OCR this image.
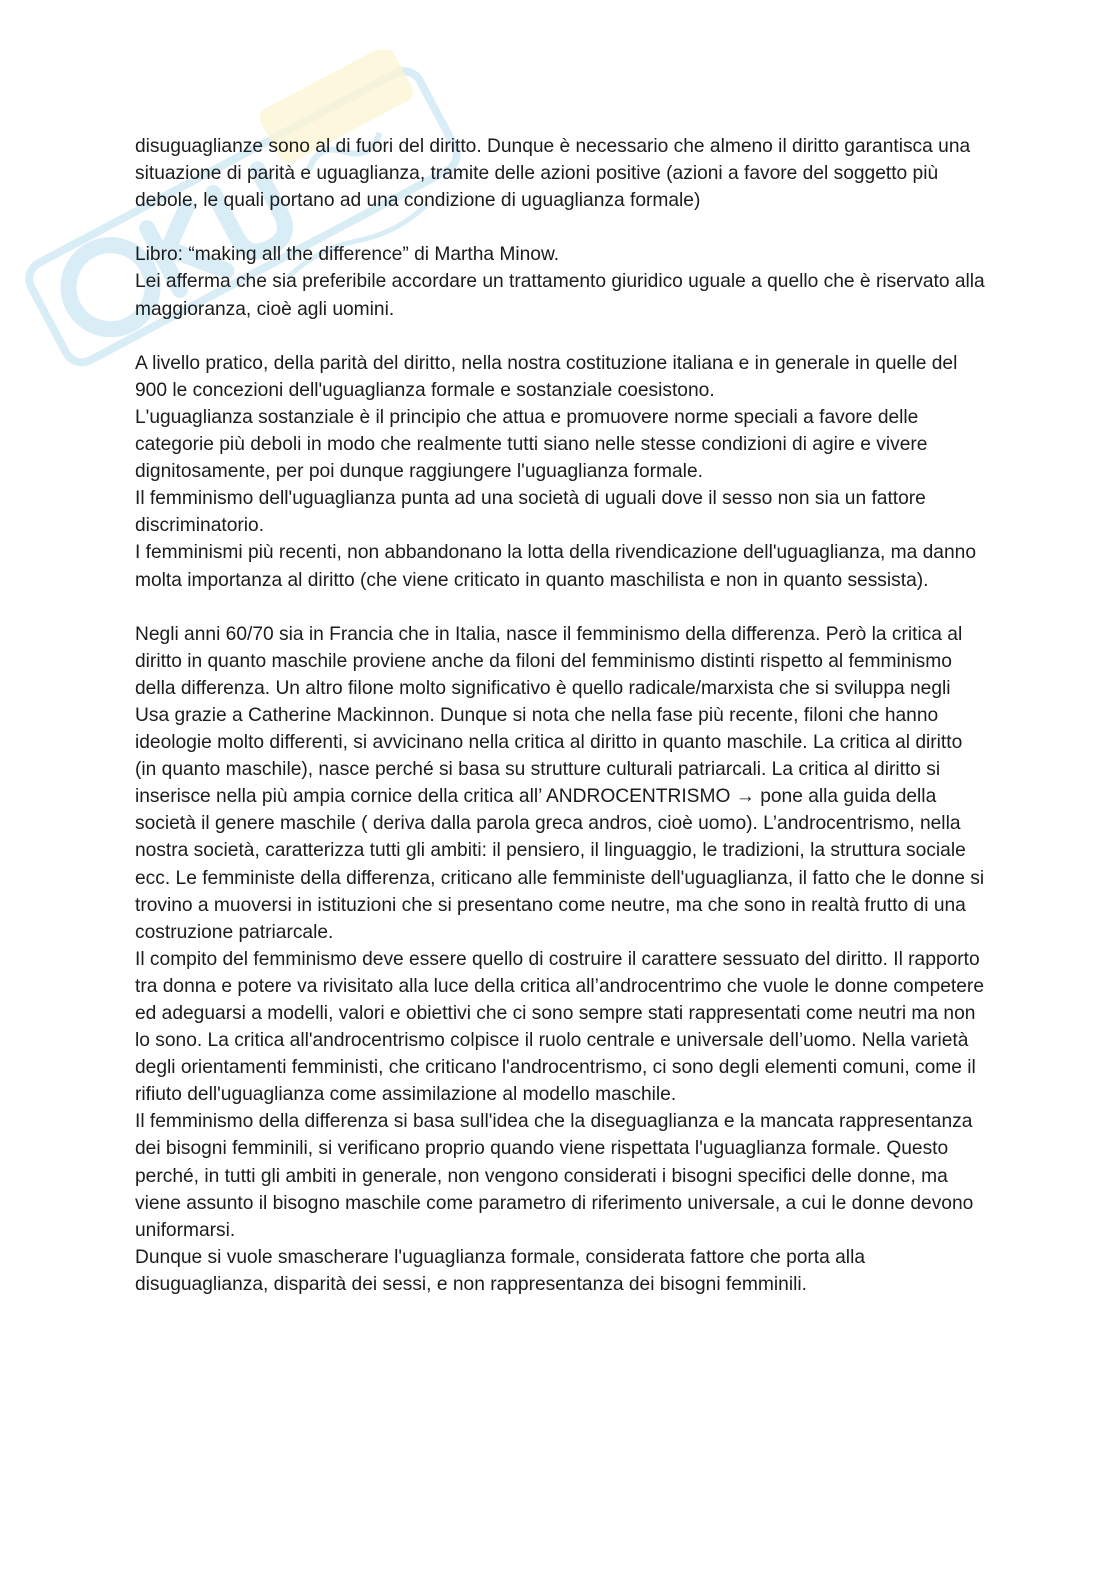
disuguaglianze sono al di fuori del diritto. Dunque è necessario che almeno il diritto garantisca una situazione di parità e uguaglianza, tramite delle azioni positive (azioni a favore del soggetto più debole, le quali portano ad una condizione di uguaglianza formale)

Libro: “making all the difference” di Martha Minow.
Lei afferma che sia preferibile accordare un trattamento giuridico uguale a quello che è riservato alla maggioranza, cioè agli uomini.

A livello pratico, della parità del diritto, nella nostra costituzione italiana e in generale in quelle del 900 le concezioni dell'uguaglianza formale e sostanziale coesistono.
L'uguaglianza sostanziale è il principio che attua e promuovere norme speciali a favore delle categorie più deboli in modo che realmente tutti siano nelle stesse condizioni di agire e vivere dignitosamente, per poi dunque raggiungere l'uguaglianza formale.
Il femminismo dell'uguaglianza punta ad una società di uguali dove il sesso non sia un fattore discriminatorio.
I femminismi più recenti, non abbandonano la lotta della rivendicazione dell'uguaglianza, ma danno molta importanza al diritto (che viene criticato in quanto maschilista e non in quanto sessista).

Negli anni 60/70 sia in Francia che in Italia, nasce il femminismo della differenza. Però la critica al diritto in quanto maschile proviene anche da filoni del femminismo distinti rispetto al femminismo della differenza. Un altro filone molto significativo è quello radicale/marxista che si sviluppa negli Usa grazie a Catherine Mackinnon. Dunque si nota che nella fase più recente, filoni che hanno ideologie molto differenti, si avvicinano nella critica al diritto in quanto maschile. La critica al diritto (in quanto maschile), nasce perché si basa su strutture culturali patriarcali. La critica al diritto si inserisce nella più ampia cornice della critica all’ ANDROCENTRISMO → pone alla guida della società il genere maschile ( deriva dalla parola greca andros, cioè uomo). L’androcentrismo, nella nostra società, caratterizza tutti gli ambiti: il pensiero, il linguaggio, le tradizioni, la struttura sociale ecc. Le femministe della differenza, criticano alle femministe dell'uguaglianza, il fatto che le donne si trovino a muoversi in istituzioni che si presentano come neutre, ma che sono in realtà frutto di una costruzione patriarcale.
Il compito del femminismo deve essere quello di costruire il carattere sessuato del diritto. Il rapporto tra donna e potere va rivisitato alla luce della critica all’androcentrimo che vuole le donne competere ed adeguarsi a modelli, valori e obiettivi che ci sono sempre stati rappresentati come neutri ma non lo sono. La critica all'androcentrismo colpisce il ruolo centrale e universale dell’uomo. Nella varietà degli orientamenti femministi, che criticano l'androcentrismo, ci sono degli elementi comuni, come il rifiuto dell'uguaglianza come assimilazione al modello maschile.
Il femminismo della differenza si basa sull'idea che la diseguaglianza e la mancata rappresentanza dei bisogni femminili, si verificano proprio quando viene rispettata l'uguaglianza formale. Questo perché, in tutti gli ambiti in generale, non vengono considerati i bisogni specifici delle donne, ma viene assunto il bisogno maschile come parametro di riferimento universale, a cui le donne devono uniformarsi.
Dunque si vuole smascherare l'uguaglianza formale, considerata fattore che porta alla disuguaglianza, disparità dei sessi, e non rappresentanza dei bisogni femminili.
